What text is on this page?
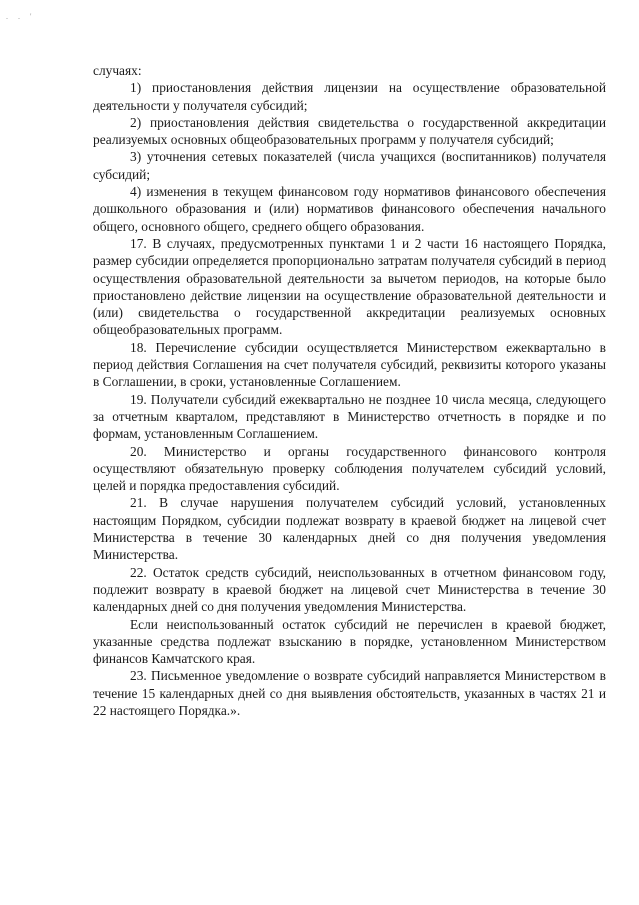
. . '

случаях:

1) приостановления действия лицензии на осуществление образовательной деятельности у получателя субсидий;

2) приостановления действия свидетельства о государственной аккредитации реализуемых основных общеобразовательных программ у получателя субсидий;

3) уточнения сетевых показателей (числа учащихся (воспитанников) получателя субсидий;

4) изменения в текущем финансовом году нормативов финансового обеспечения дошкольного образования и (или) нормативов финансового обеспечения начального общего, основного общего, среднего общего образования.

17. В случаях, предусмотренных пунктами 1 и 2 части 16 настоящего Порядка, размер субсидии определяется пропорционально затратам получателя субсидий в период осуществления образовательной деятельности за вычетом периодов, на которые было приостановлено действие лицензии на осуществление образовательной деятельности и (или) свидетельства о государственной аккредитации реализуемых основных общеобразовательных программ.

18. Перечисление субсидии осуществляется Министерством ежеквартально в период действия Соглашения на счет получателя субсидий, реквизиты которого указаны в Соглашении, в сроки, установленные Соглашением.

19. Получатели субсидий ежеквартально не позднее 10 числа месяца, следующего за отчетным кварталом, представляют в Министерство отчетность в порядке и по формам, установленным Соглашением.

20. Министерство и органы государственного финансового контроля осуществляют обязательную проверку соблюдения получателем субсидий условий, целей и порядка предоставления субсидий.

21. В случае нарушения получателем субсидий условий, установленных настоящим Порядком, субсидии подлежат возврату в краевой бюджет на лицевой счет Министерства в течение 30 календарных дней со дня получения уведомления Министерства.

22. Остаток средств субсидий, неиспользованных в отчетном финансовом году, подлежит возврату в краевой бюджет на лицевой счет Министерства в течение 30 календарных дней со дня получения уведомления Министерства.

Если неиспользованный остаток субсидий не перечислен в краевой бюджет, указанные средства подлежат взысканию в порядке, установленном Министерством финансов Камчатского края.

23. Письменное уведомление о возврате субсидий направляется Министерством в течение 15 календарных дней со дня выявления обстоятельств, указанных в частях 21 и 22 настоящего Порядка.».
